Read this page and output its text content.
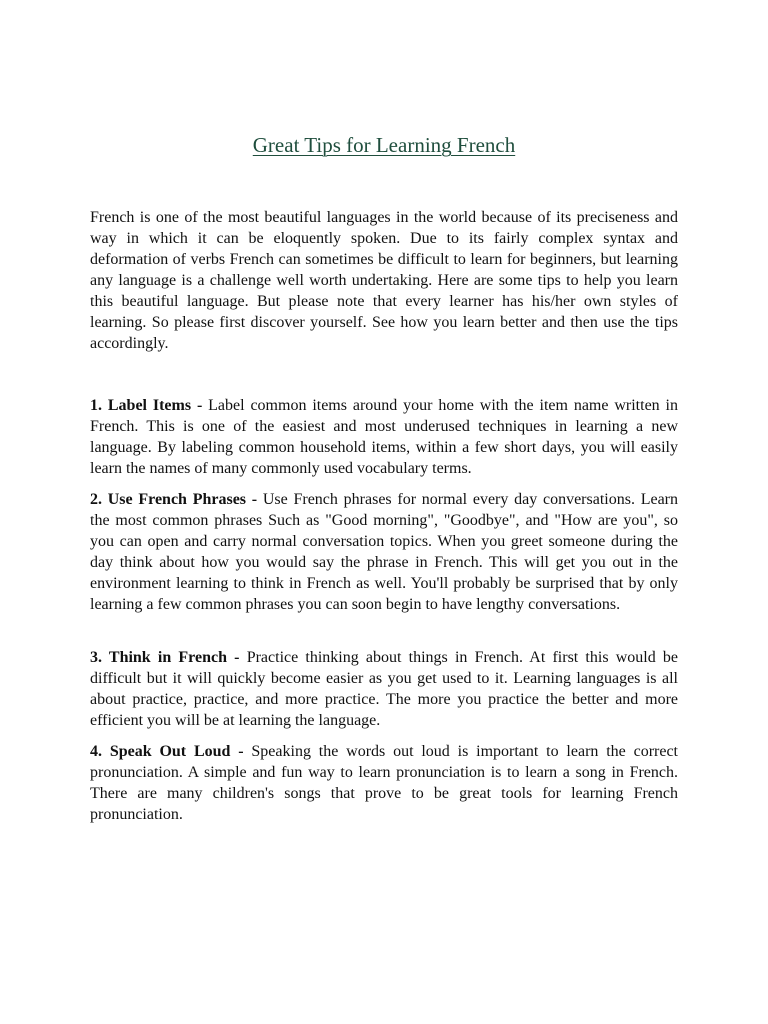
Great Tips for Learning French

French is one of the most beautiful languages in the world because of its preciseness and way in which it can be eloquently spoken. Due to its fairly complex syntax and deformation of verbs French can sometimes be difficult to learn for beginners, but learning any language is a challenge well worth undertaking. Here are some tips to help you learn this beautiful language. But please note that every learner has his/her own styles of learning. So please first discover yourself. See how you learn better and then use the tips accordingly.

1. Label Items - Label common items around your home with the item name written in French. This is one of the easiest and most underused techniques in learning a new language. By labeling common household items, within a few short days, you will easily learn the names of many commonly used vocabulary terms.

2. Use French Phrases - Use French phrases for normal every day conversations. Learn the most common phrases Such as "Good morning", "Goodbye", and "How are you", so you can open and carry normal conversation topics. When you greet someone during the day think about how you would say the phrase in French. This will get you out in the environment learning to think in French as well. You'll probably be surprised that by only learning a few common phrases you can soon begin to have lengthy conversations.

3. Think in French - Practice thinking about things in French. At first this would be difficult but it will quickly become easier as you get used to it. Learning languages is all about practice, practice, and more practice. The more you practice the better and more efficient you will be at learning the language.

4. Speak Out Loud - Speaking the words out loud is important to learn the correct pronunciation. A simple and fun way to learn pronunciation is to learn a song in French. There are many children's songs that prove to be great tools for learning French pronunciation.
